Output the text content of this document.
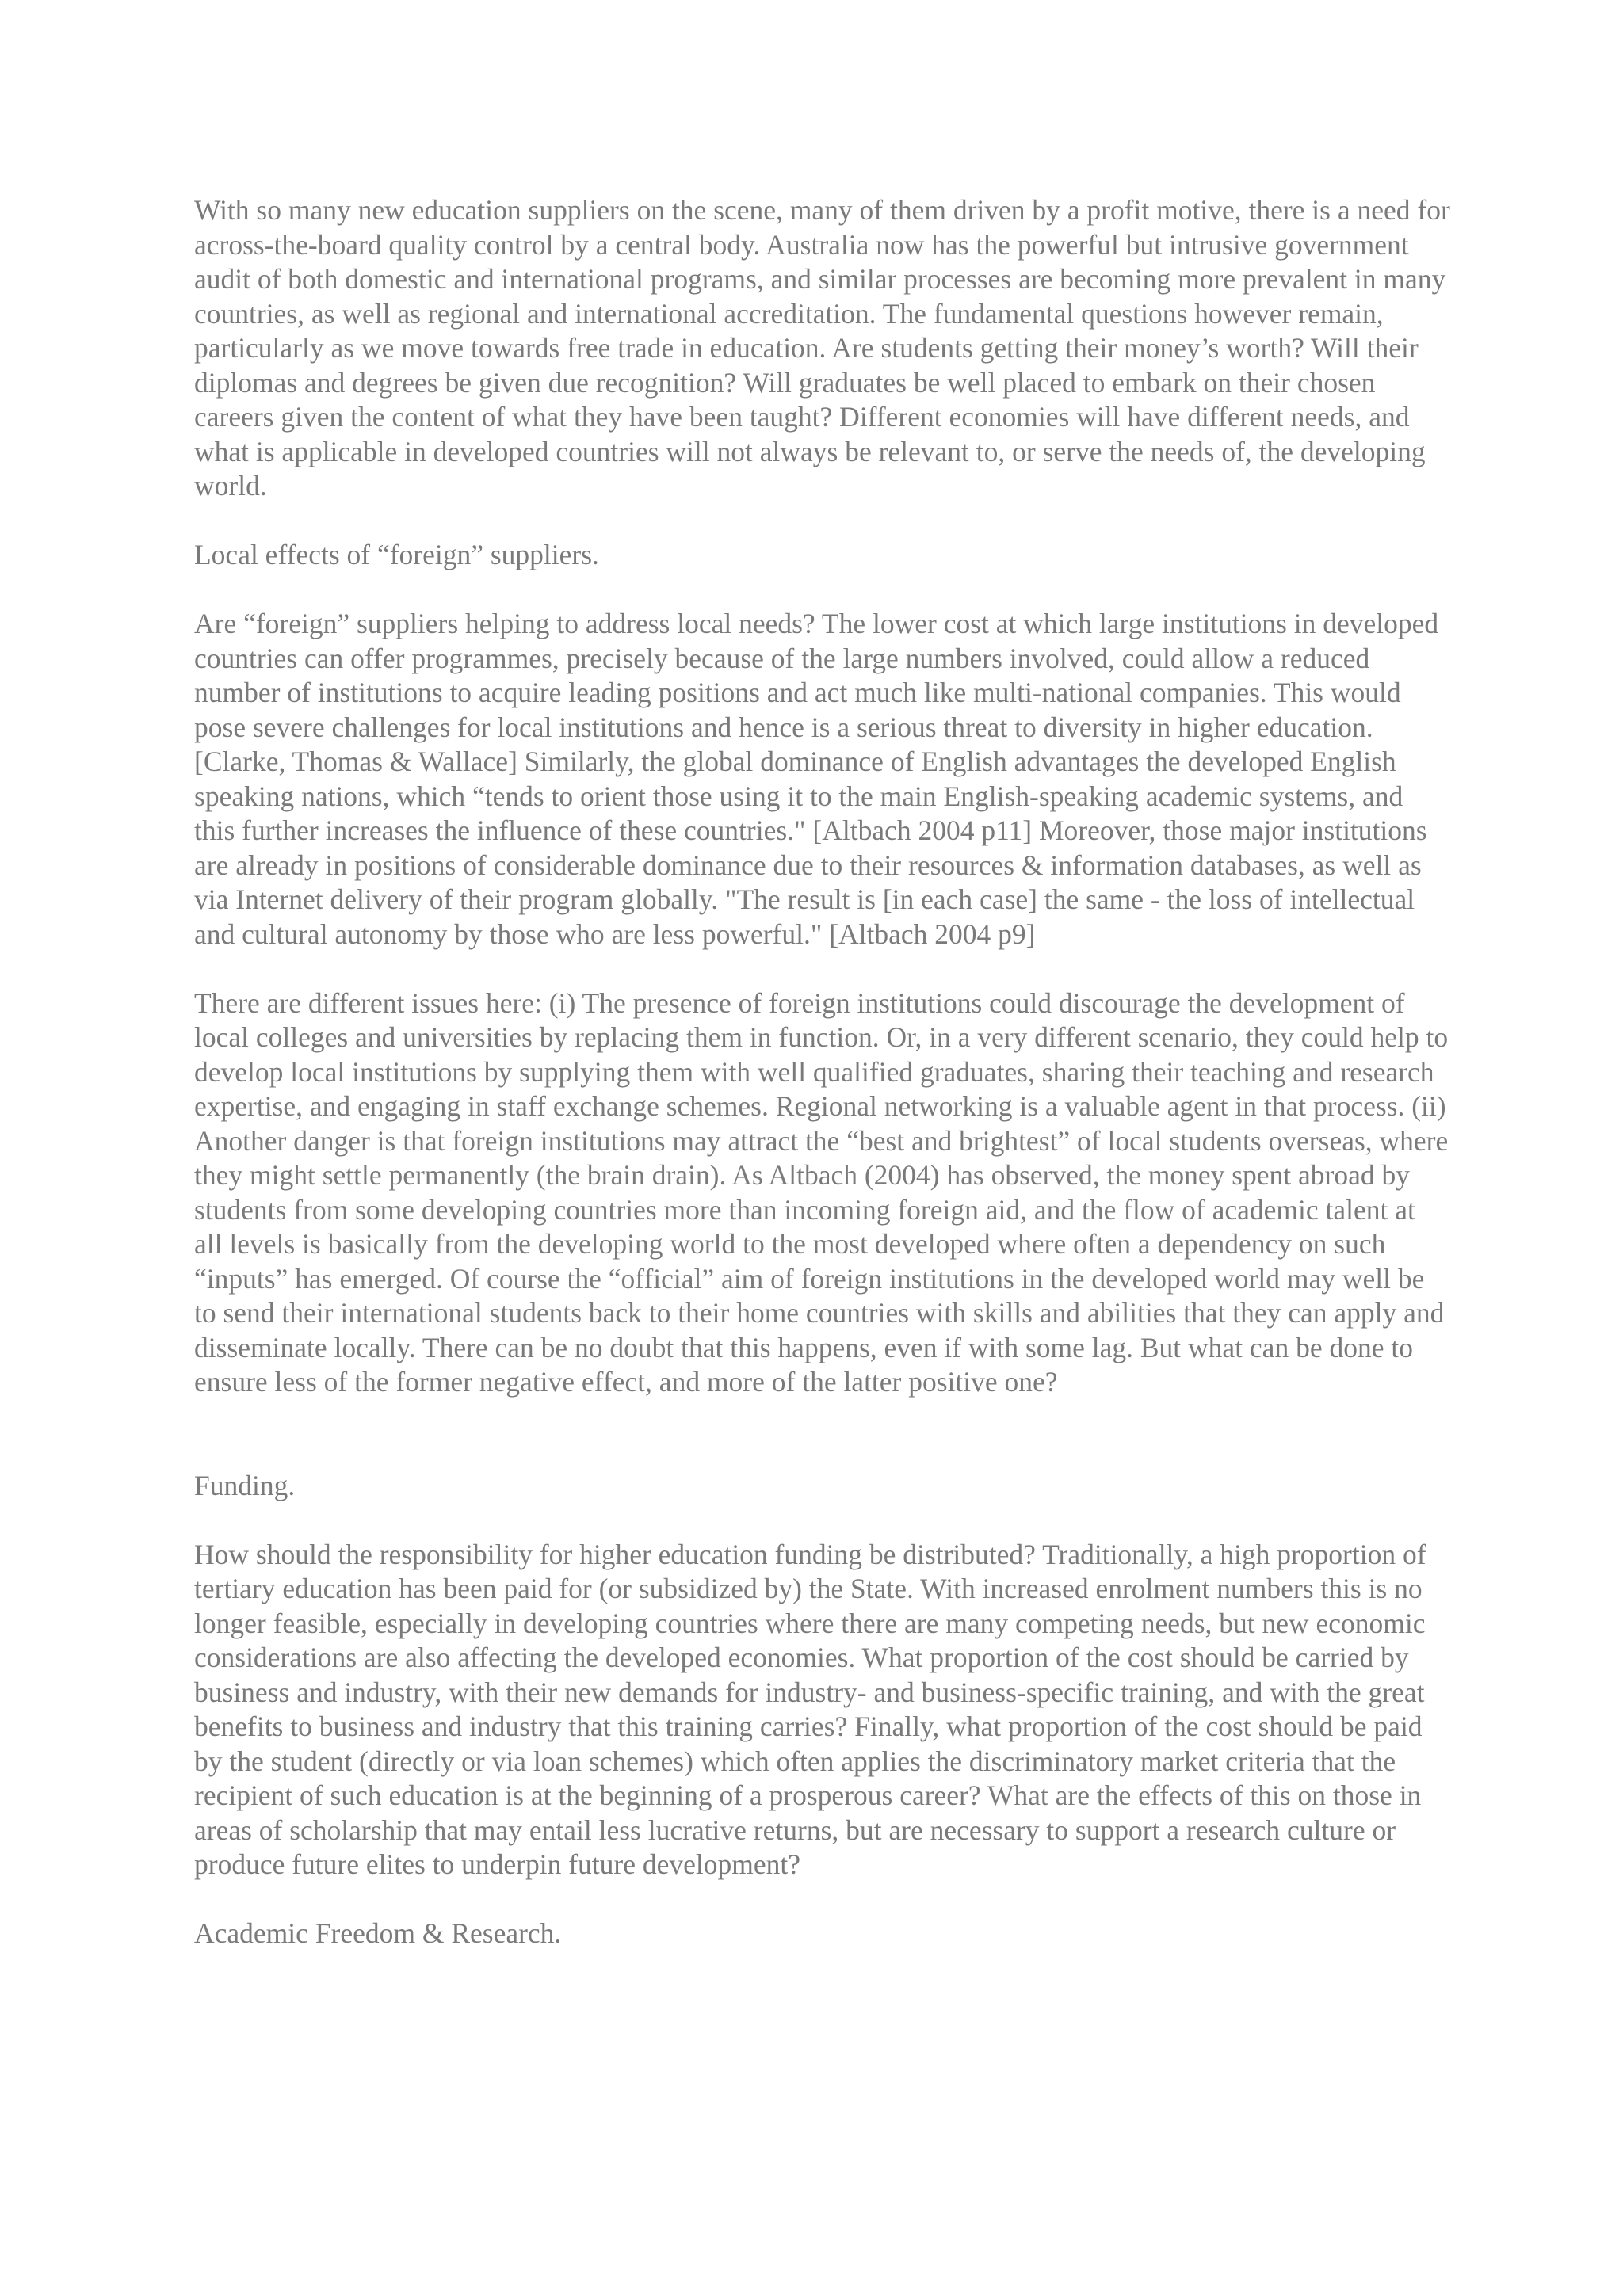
With so many new education suppliers on the scene, many of them driven by a profit motive, there is a need for across-the-board quality control by a central body. Australia now has the powerful but intrusive government audit of both domestic and international programs, and similar processes are becoming more prevalent in many countries, as well as regional and international accreditation. The fundamental questions however remain, particularly as we move towards free trade in education. Are students getting their money’s worth? Will their diplomas and degrees be given due recognition? Will graduates be well placed to embark on their chosen careers given the content of what they have been taught? Different economies will have different needs, and what is applicable in developed countries will not always be relevant to, or serve the needs of, the developing world.

Local effects of “foreign” suppliers.

Are “foreign” suppliers helping to address local needs? The lower cost at which large institutions in developed countries can offer programmes, precisely because of the large numbers involved, could allow a reduced number of institutions to acquire leading positions and act much like multi-national companies. This would pose severe challenges for local institutions and hence is a serious threat to diversity in higher education. [Clarke, Thomas & Wallace] Similarly, the global dominance of English advantages the developed English speaking nations, which “tends to orient those using it to the main English-speaking academic systems, and this further increases the influence of these countries." [Altbach 2004 p11] Moreover, those major institutions are already in positions of considerable dominance due to their resources & information databases, as well as via Internet delivery of their program globally. "The result is [in each case] the same - the loss of intellectual and cultural autonomy by those who are less powerful." [Altbach 2004 p9]

There are different issues here: (i) The presence of foreign institutions could discourage the development of local colleges and universities by replacing them in function. Or, in a very different scenario, they could help to develop local institutions by supplying them with well qualified graduates, sharing their teaching and research expertise, and engaging in staff exchange schemes. Regional networking is a valuable agent in that process. (ii) Another danger is that foreign institutions may attract the “best and brightest” of local students overseas, where they might settle permanently (the brain drain). As Altbach (2004) has observed, the money spent abroad by students from some developing countries more than incoming foreign aid, and the flow of academic talent at all levels is basically from the developing world to the most developed where often a dependency on such “inputs” has emerged. Of course the “official” aim of foreign institutions in the developed world may well be to send their international students back to their home countries with skills and abilities that they can apply and disseminate locally. There can be no doubt that this happens, even if with some lag. But what can be done to ensure less of the former negative effect, and more of the latter positive one?

Funding.

How should the responsibility for higher education funding be distributed? Traditionally, a high proportion of tertiary education has been paid for (or subsidized by) the State. With increased enrolment numbers this is no longer feasible, especially in developing countries where there are many competing needs, but new economic considerations are also affecting the developed economies. What proportion of the cost should be carried by business and industry, with their new demands for industry- and business-specific training, and with the great benefits to business and industry that this training carries? Finally, what proportion of the cost should be paid by the student (directly or via loan schemes) which often applies the discriminatory market criteria that the recipient of such education is at the beginning of a prosperous career? What are the effects of this on those in areas of scholarship that may entail less lucrative returns, but are necessary to support a research culture or produce future elites to underpin future development?

Academic Freedom & Research.
